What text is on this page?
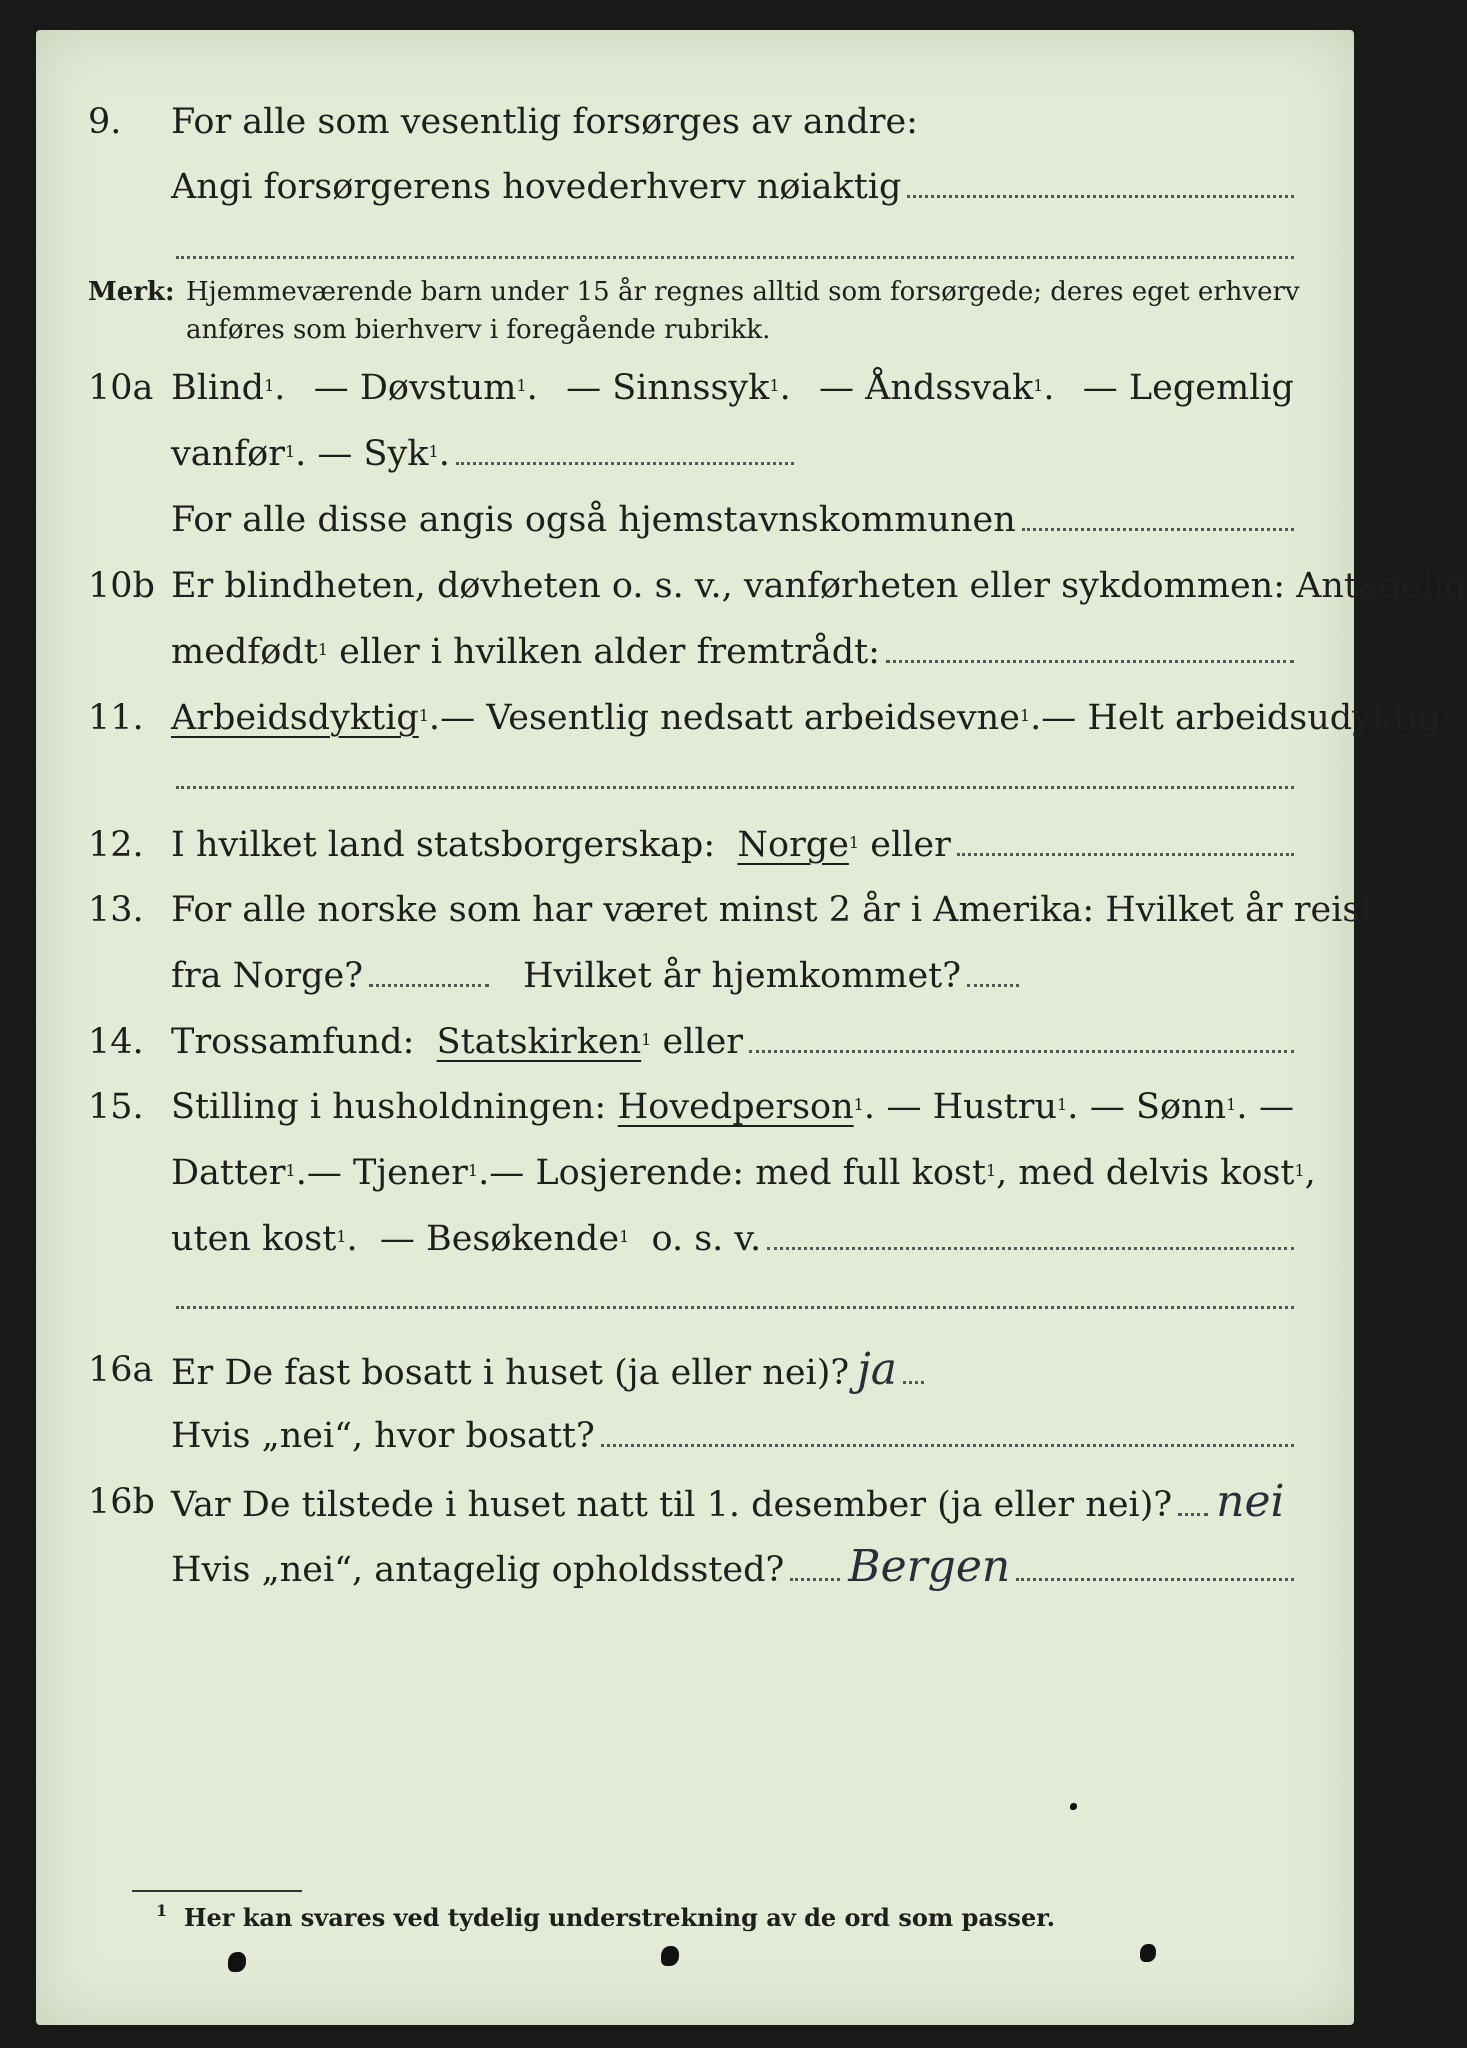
9.	For alle som vesentlig forsørges av andre:
Angi forsørgerens hovederhverv nøiaktig
Merk: Hjemmeværende barn under 15 år regnes alltid som forsørgede; deres eget erhverv
anføres som bierhverv i foregående rubrikk.
10a Blind$^1$. — Døvstum$^1$. — Sinnssyk$^1$. — Åndssvak$^1$. — Legemlig
vanfør$^1$. — Syk$^1$.
For alle disse angis også hjemstavnskommunen
10b Er blindheten, døvheten o. s. v., vanførheten eller sykdommen: Antagelig
medfødt$^1$ eller i hvilken alder fremtrådt:
11. Arbeidsdyktig$^1$. — Vesentlig nedsatt arbeidsevne$^1$. — Helt arbeidsudyktig$^1$.
12. I hvilket land statsborgerskap:
Norge$^1$
eller
13. For alle norske som har været minst 2 år i Amerika: Hvilket år reist
fra Norge?	Hvilket år hjemkommet?
14. Trossamfund:
Statskirken$^1$
eller
15. Stilling i husholdningen: Hovedperson$^1$. — Hustru$^1$. — Sønn$^1$. —
Datter$^1$. — Tjener$^1$. — Losjerende: med full kost$^1$ , med delvis kost$^1$,
uten kost$^1$. — Besøkende$^1$ o. s. v.
16a Er De fast bosatt i huset (ja eller nei)? ja
Hvis „nei“, hvor bosatt?
16b Var De tilstede i huset natt til 1. desember (ja eller nei)? nei
Hvis „nei“, antagelig opholdssted? Bergen
$^1$ Her kan svares ved tydelig understrekning av de ord som passer.
